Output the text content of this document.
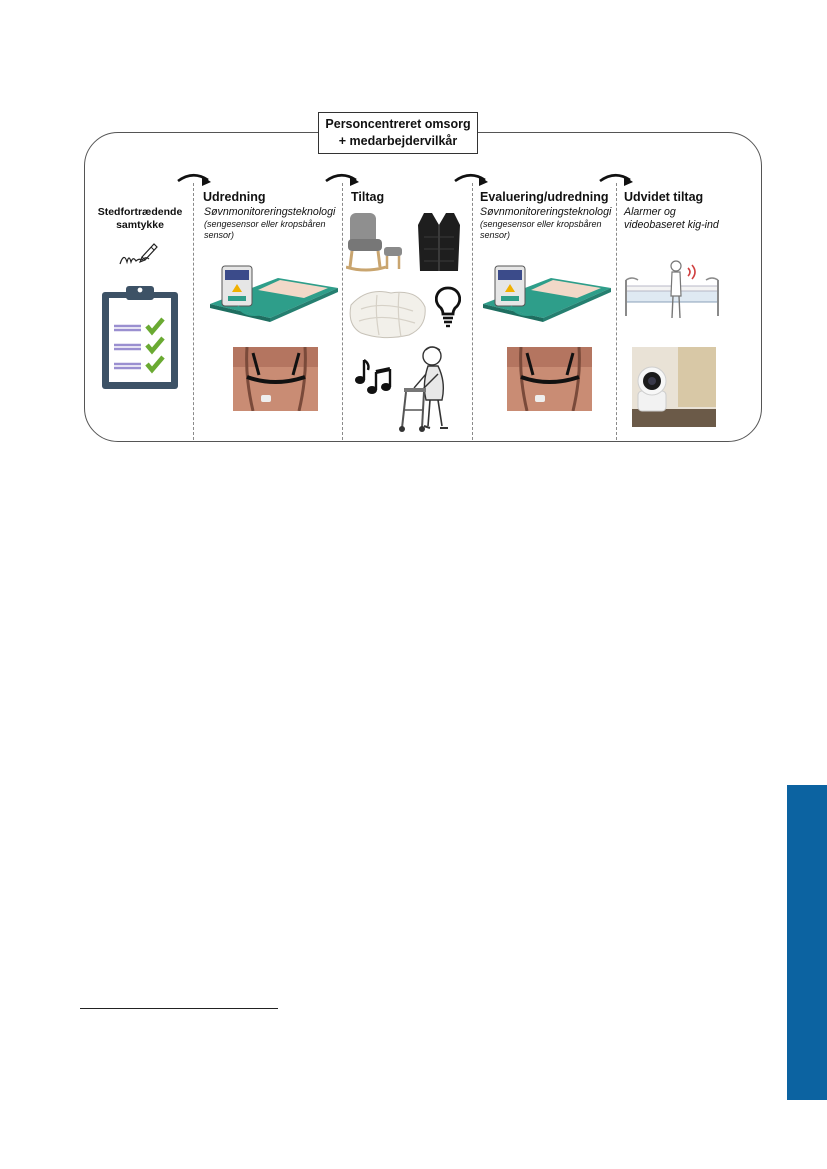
Personcentreret omsorg
+ medarbejdervilkår
Stedfortrædende
samtykke
Udredning
Søvnmonitoreringsteknologi
(sengesensor eller kropsbåren
sensor)
Tiltag	Evaluering/udredning
Søvnmonitoreringsteknologi
(sengesensor eller kropsbåren
sensor)
Udvidet tiltag
Alarmer og
videobaseret kig-ind
